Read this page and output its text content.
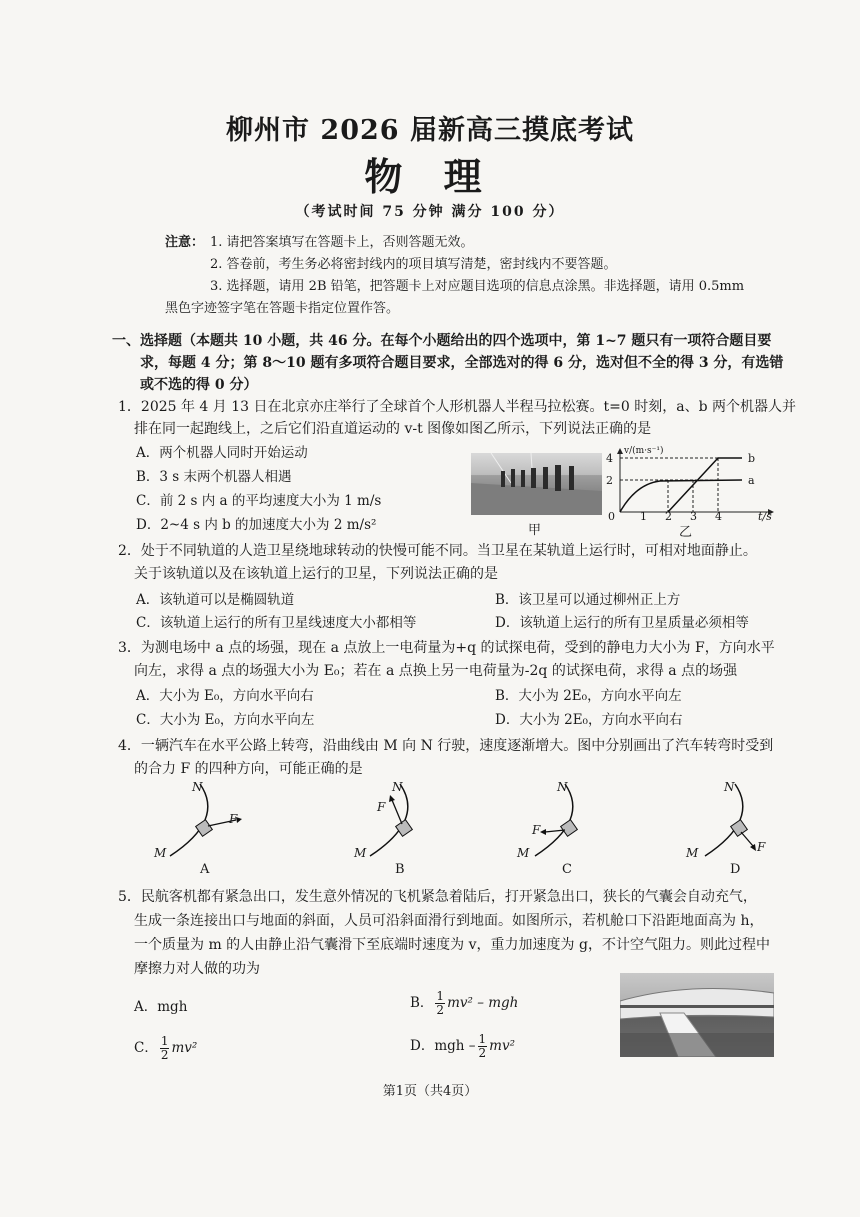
柳州市 2026 届新高三摸底考试
物 理
（考试时间 75 分钟 满分 100 分）
注意： 1. 请把答案填写在答题卡上，否则答题无效。
2. 答卷前，考生务必将密封线内的项目填写清楚，密封线内不要答题。
3. 选择题，请用 2B 铅笔，把答题卡上对应题目选项的信息点涂黑。非选择题，请用 0.5mm
黑色字迹签字笔在答题卡指定位置作答。
一、选择题（本题共 10 小题，共 46 分。在每个小题给出的四个选项中，第 1~7 题只有一项符合题目要
求，每题 4 分；第 8～10 题有多项符合题目要求，全部选对的得 6 分，选对但不全的得 3 分，有选错
或不选的得 0 分）
1．2025 年 4 月 13 日在北京亦庄举行了全球首个人形机器人半程马拉松赛。t=0 时刻，a、b 两个机器人并
排在同一起跑线上，之后它们沿直道运动的 v-t 图像如图乙所示，下列说法正确的是
A．两个机器人同时开始运动
B．3 s 末两个机器人相遇
C．前 2 s 内 a 的平均速度大小为 1 m/s
D．2~4 s 内 b 的加速度大小为 2 m/s²	甲
v/(m·s⁻¹)
4
2
0 1 2 3 4	t/s
a
b
乙
2．处于不同轨道的人造卫星绕地球转动的快慢可能不同。当卫星在某轨道上运行时，可相对地面静止。
关于该轨道以及在该轨道上运行的卫星，下列说法正确的是
A．该轨道可以是椭圆轨道	B．该卫星可以通过柳州正上方
C．该轨道上运行的所有卫星线速度大小都相等	D．该轨道上运行的所有卫星质量必须相等
3．为测电场中 a 点的场强，现在 a 点放上一电荷量为+q 的试探电荷，受到的静电力大小为 F，方向水平
向左，求得 a 点的场强大小为 E₀；若在 a 点换上另一电荷量为-2q 的试探电荷，求得 a 点的场强
A．大小为 E₀，方向水平向右	B．大小为 2E₀，方向水平向左
C．大小为 E₀，方向水平向左	D．大小为 2E₀，方向水平向右
4．一辆汽车在水平公路上转弯，沿曲线由 M 向 N 行驶，速度逐渐增大。图中分别画出了汽车转弯时受到
的合力 F 的四种方向，可能正确的是
N
F
M
A
N
F
M
B
N
F
M
C
N
F
M
D
5．民航客机都有紧急出口，发生意外情况的飞机紧急着陆后，打开紧急出口，狭长的气囊会自动充气，
生成一条连接出口与地面的斜面，人员可沿斜面滑行到地面。如图所示，若机舱口下沿距地面高为 h，
一个质量为 m 的人由静止沿气囊滑下至底端时速度为 v，重力加速度为 g，不计空气阻力。则此过程中
摩擦力对人做的功为
A．mgh	B． $\frac{1}{2} mv^2$ – mgh
C． $\frac{1}{2} mv^2$	D．mgh – $\frac{1}{2} mv^2$
第1页（共4页）
